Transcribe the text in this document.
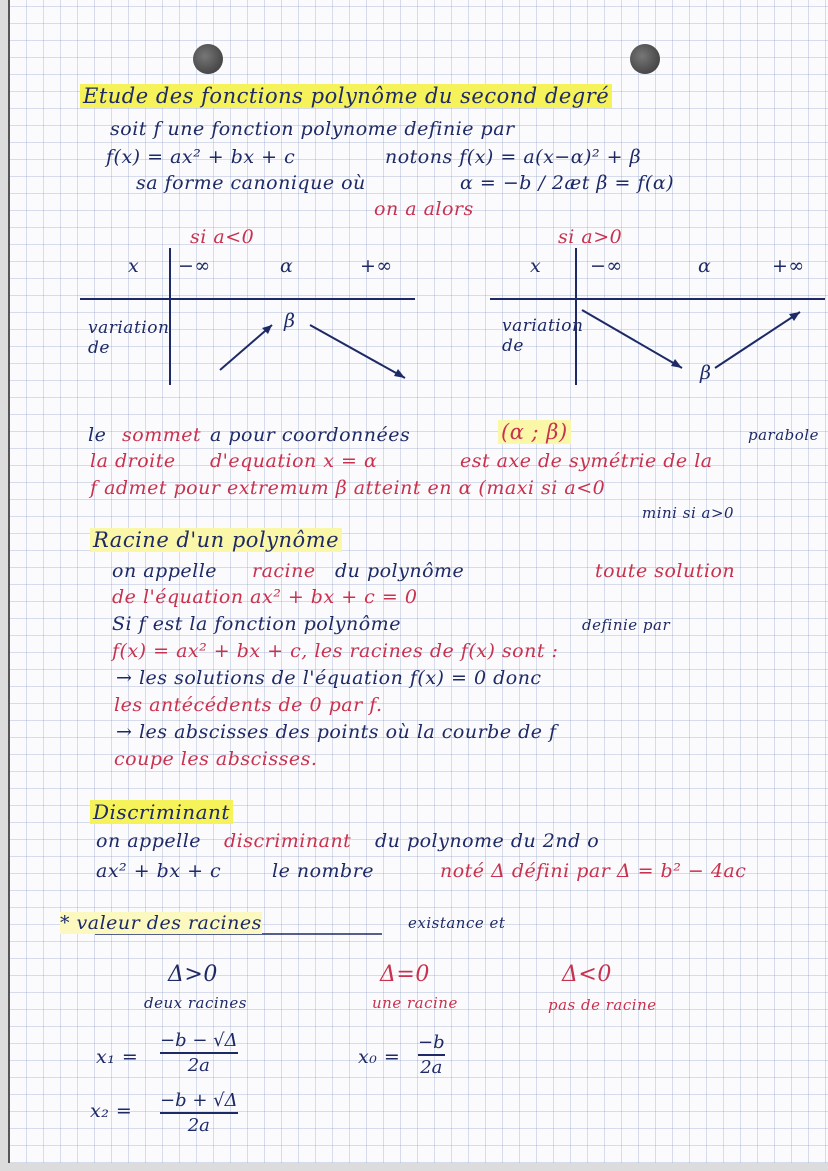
Etude des fonctions polynôme du second degré
soit f une fonction polynome definie par
f(x) = ax² + bx + c	notons f(x) = a(x−α)² + β
sa forme canonique où	α = −b / 2a
et β = f(α)
on a alors
si a<0
x −∞	α	+∞
variation de
β
si a>0
x	−∞	α	+∞
variation de
β
le sommet a pour coordonnées	(α ; β)	parabole
la droite d'equation x = α	est axe de symétrie de la
f admet pour extremum β atteint en α (maxi si a<0
mini si a>0
Racine d'un polynôme
on appelle racine du polynôme	toute solution
de l'équation ax² + bx + c = 0
Si f est la fonction polynôme	definie par
f(x) = ax² + bx + c, les racines de f(x) sont :
→ les solutions de l'équation f(x) = 0 donc
les antécédents de 0 par f.
→ les abscisses des points où la courbe de f
coupe les abscisses.
Discriminant
on appelle discriminant du polynome du 2nd o
ax² + bx + c	le nombre	noté Δ défini par Δ = b² − 4ac
* valeur des racines	existance et
Δ>0
deux racines
Δ=0
une racine
Δ<0
pas de racine
x₁ =
−b − √Δ
2a
x₂ = −b + √Δ
2a
x₀ =
−b
2a
